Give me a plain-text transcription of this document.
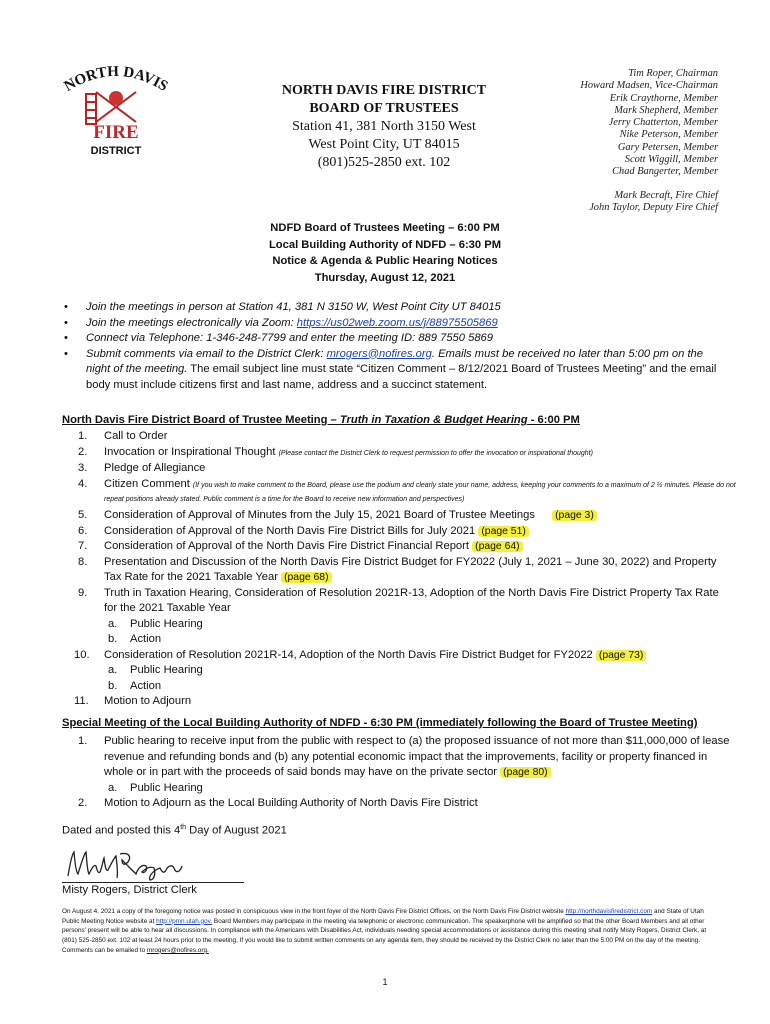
NORTH DAVIS
FIRE
DISTRICT
NORTH DAVIS FIRE DISTRICT
BOARD OF TRUSTEES
Station 41, 381 North 3150 West
West Point City, UT 84015
(801)525-2850 ext. 102
Tim Roper, Chairman
Howard Madsen, Vice-Chairman
Erik Craythorne, Member
Mark Shepherd, Member
Jerry Chatterton, Member
Nike Peterson, Member
Gary Petersen, Member
Scott Wiggill, Member
Chad Bangerter, Member
Mark Becraft, Fire Chief
John Taylor, Deputy Fire Chief
NDFD Board of Trustees Meeting – 6:00 PM
Local Building Authority of NDFD – 6:30 PM
Notice & Agenda & Public Hearing Notices
Thursday, August 12, 2021
• Join the meetings in person at Station 41, 381 N 3150 W, West Point City UT 84015
• Join the meetings electronically via Zoom: https://us02web.zoom.us/j/88975505869
• Connect via Telephone: 1-346-248-7799 and enter the meeting ID: 889 7550 5869
• Submit comments via email to the District Clerk: mrogers@nofires.org. Emails must be received no later than 5:00 pm on the night of the meeting. The email subject line must state “Citizen Comment – 8/12/2021 Board of Trustees Meeting” and the email body must include citizens first and last name, address and a succinct statement.
North Davis Fire District Board of Trustee Meeting – Truth in Taxation & Budget Hearing - 6:00 PM
1. Call to Order
2. Invocation or Inspirational Thought (Please contact the District Clerk to request permission to offer the invocation or inspirational thought)
3. Pledge of Allegiance
4. Citizen Comment (If you wish to make comment to the Board, please use the podium and clearly state your name, address, keeping your comments to a maximum of 2 ½ minutes. Please do not repeat positions already stated. Public comment is a time for the Board to receive new information and perspectives)
5. Consideration of Approval of Minutes from the July 15, 2021 Board of Trustee Meetings (page 3)
6. Consideration of Approval of the North Davis Fire District Bills for July 2021 (page 51)
7. Consideration of Approval of the North Davis Fire District Financial Report (page 64)
8. Presentation and Discussion of the North Davis Fire District Budget for FY2022 (July 1, 2021 – June 30, 2022) and Property Tax Rate for the 2021 Taxable Year (page 68)
9. Truth in Taxation Hearing, Consideration of Resolution 2021R-13, Adoption of the North Davis Fire District Property Tax Rate for the 2021 Taxable Year
a. Public Hearing
b. Action
10. Consideration of Resolution 2021R-14, Adoption of the North Davis Fire District Budget for FY2022 (page 73)
a. Public Hearing
b. Action
11. Motion to Adjourn
Special Meeting of the Local Building Authority of NDFD - 6:30 PM (immediately following the Board of Trustee Meeting)
1. Public hearing to receive input from the public with respect to (a) the proposed issuance of not more than $11,000,000 of lease revenue and refunding bonds and (b) any potential economic impact that the improvements, facility or property financed in whole or in part with the proceeds of said bonds may have on the private sector (page 80)
a. Public Hearing
2. Motion to Adjourn as the Local Building Authority of North Davis Fire District
Dated and posted this 4th Day of August 2021
Misty Rogers, District Clerk
On August 4, 2021 a copy of the foregoing notice was posted in conspicuous view in the front foyer of the North Davis Fire District Offices, on the North Davis Fire District website http://northdavisfiredistrict.com and State of Utah Public Meeting Notice website at http://pmn.utah.gov. Board Members may participate in the meeting via telephonic or electronic communication. The speakerphone will be amplified so that the other Board Members and all other persons' present will be able to hear all discussions. In compliance with the Americans with Disabilities Act, individuals needing special accommodations or assistance during this meeting shall notify Misty Rogers, District Clerk, at (801) 525-2850 ext. 102 at least 24 hours prior to the meeting. If you would like to submit written comments on any agenda item, they should be received by the District Clerk no later than the 5:00 PM on the day of the meeting. Comments can be emailed to mrogers@nofires.org.
1
